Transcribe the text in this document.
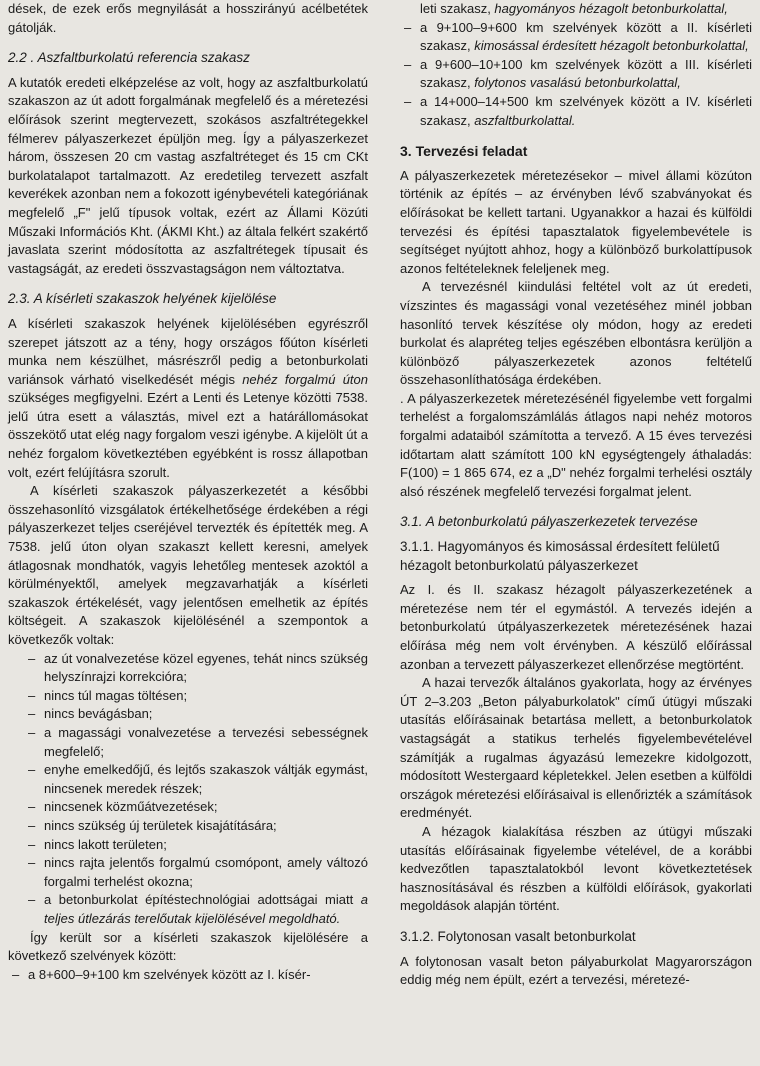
dések, de ezek erős megnyilását a hosszirányú acélbetétek gátolják.

2.2 . Aszfaltburkolatú referencia szakasz

A kutatók eredeti elképzelése az volt, hogy az aszfaltburkolatú szakaszon az út adott forgalmának megfelelő és a méretezési előírások szerint megtervezett, szokásos aszfaltrétegekkel félmerev pályaszerkezet épüljön meg. Így a pályaszerkezet három, összesen 20 cm vastag aszfaltréteget és 15 cm CKt burkolatalapot tartalmazott. Az eredetileg tervezett aszfalt keverékek azonban nem a fokozott igénybevételi kategóriának megfelelő „F" jelű típusok voltak, ezért az Állami Közúti Műszaki Információs Kht. (ÁKMI Kht.) az általa felkért szakértő javaslata szerint módosította az aszfaltrétegek típusait és vastagságát, az eredeti összvastagságon nem változtatva.

2.3. A kísérleti szakaszok helyének kijelölése

A kísérleti szakaszok helyének kijelölésében egyrészről szerepet játszott az a tény, hogy országos főúton kísérleti munka nem készülhet, másrészről pedig a betonburkolati variánsok várható viselkedését mégis nehéz forgalmú úton szükséges megfigyelni. Ezért a Lenti és Letenye közötti 7538. jelű útra esett a választás, mivel ezt a határállomásokat összekötő utat elég nagy forgalom veszi igénybe. A kijelölt út a nehéz forgalom következtében egyébként is rossz állapotban volt, ezért felújításra szorult.

A kísérleti szakaszok pályaszerkezetét a későbbi összehasonlító vizsgálatok értékelhetősége érdekében a régi pályaszerkezet teljes cseréjével tervezték és építették meg. A 7538. jelű úton olyan szakaszt kellett keresni, amelyek átlagosnak mondhatók, vagyis lehetőleg mentesek azoktól a körülményektől, amelyek megzavarhatják a kísérleti szakaszok értékelését, vagy jelentősen emelhetik az építés költségeit. A szakaszok kijelölésénél a szempontok a következők voltak:

– az út vonalvezetése közel egyenes, tehát nincs szükség helyszínrajzi korrekcióra;
– nincs túl magas töltésen;
– nincs bevágásban;
– a magassági vonalvezetése a tervezési sebességnek megfelelő;
– enyhe emelkedőjű, és lejtős szakaszok váltják egymást, nincsenek meredek részek;
– nincsenek közműátvezetések;
– nincs szükség új területek kisajátítására;
– nincs lakott területen;
– nincs rajta jelentős forgalmú csomópont, amely változó forgalmi terhelést okozna;
– a betonburkolat építéstechnológiai adottságai miatt a teljes útlezárás terelőutak kijelölésével megoldható.

Így került sor a kísérleti szakaszok kijelölésére a következő szelvények között:

– a 8+600–9+100 km szelvények között az I. kísér-
leti szakasz, hagyományos hézagolt betonburkolattal,
– a 9+100–9+600 km szelvények között a II. kísérleti szakasz, kimosással érdesített hézagolt betonburkolattal,
– a 9+600–10+100 km szelvények között a III. kísérleti szakasz, folytonos vasalású betonburkolattal,
– a 14+000–14+500 km szelvények között a IV. kísérleti szakasz, aszfaltburkolattal.
3. Tervezési feladat

A pályaszerkezetek méretezésekor – mivel állami közúton történik az építés – az érvényben lévő szabványokat és előírásokat be kellett tartani. Ugyanakkor a hazai és külföldi tervezési és építési tapasztalatok figyelembevétele is segítséget nyújtott ahhoz, hogy a különböző burkolattípusok azonos feltételeknek feleljenek meg.

A tervezésnél kiindulási feltétel volt az út eredeti, vízszintes és magassági vonal vezetéséhez minél jobban hasonlító tervek készítése oly módon, hogy az eredeti burkolat és alapréteg teljes egészében elbontásra kerüljön a különböző pályaszerkezetek azonos feltételű összehasonlíthatósága érdekében.

. A pályaszerkezetek méretezésénél figyelembe vett forgalmi terhelést a forgalomszámlálás átlagos napi nehéz motoros forgalmi adataiból számította a tervező. A 15 éves tervezési időtartam alatt számított 100 kN egységtengely áthaladás: F(100) = 1 865 674, ez a „D" nehéz forgalmi terhelési osztály alsó részének megfelelő tervezési forgalmat jelent.

3.1. A betonburkolatú pályaszerkezetek tervezése
3.1.1. Hagyományos és kimosással érdesített felületű hézagolt betonburkolatú pályaszerkezet

Az I. és II. szakasz hézagolt pályaszerkezetének a méretezése nem tér el egymástól. A tervezés idején a betonburkolatú útpályaszerkezetek méretezésének hazai előírása még nem volt érvényben. A készülő előírással azonban a tervezett pályaszerkezet ellenőrzése megtörtént.

A hazai tervezők általános gyakorlata, hogy az érvényes ÚT 2–3.203 „Beton pályaburkolatok" című útügyi műszaki utasítás előírásainak betartása mellett, a betonburkolatok vastagságát a statikus terhelés figyelembevételével számítják a rugalmas ágyazású lemezekre kidolgozott, módosított Westergaard képletekkel. Jelen esetben a külföldi országok méretezési előírásaival is ellenőrizték a számítások eredményét.

A hézagok kialakítása részben az útügyi műszaki utasítás előírásainak figyelembe vételével, de a korábbi kedvezőtlen tapasztalatokból levont következtetések hasznosításával és részben a külföldi előírások, gyakorlati megoldások alapján történt.

3.1.2. Folytonosan vasalt betonburkolat

A folytonosan vasalt beton pályaburkolat Magyarországon eddig még nem épült, ezért a tervezési, méretezé-
